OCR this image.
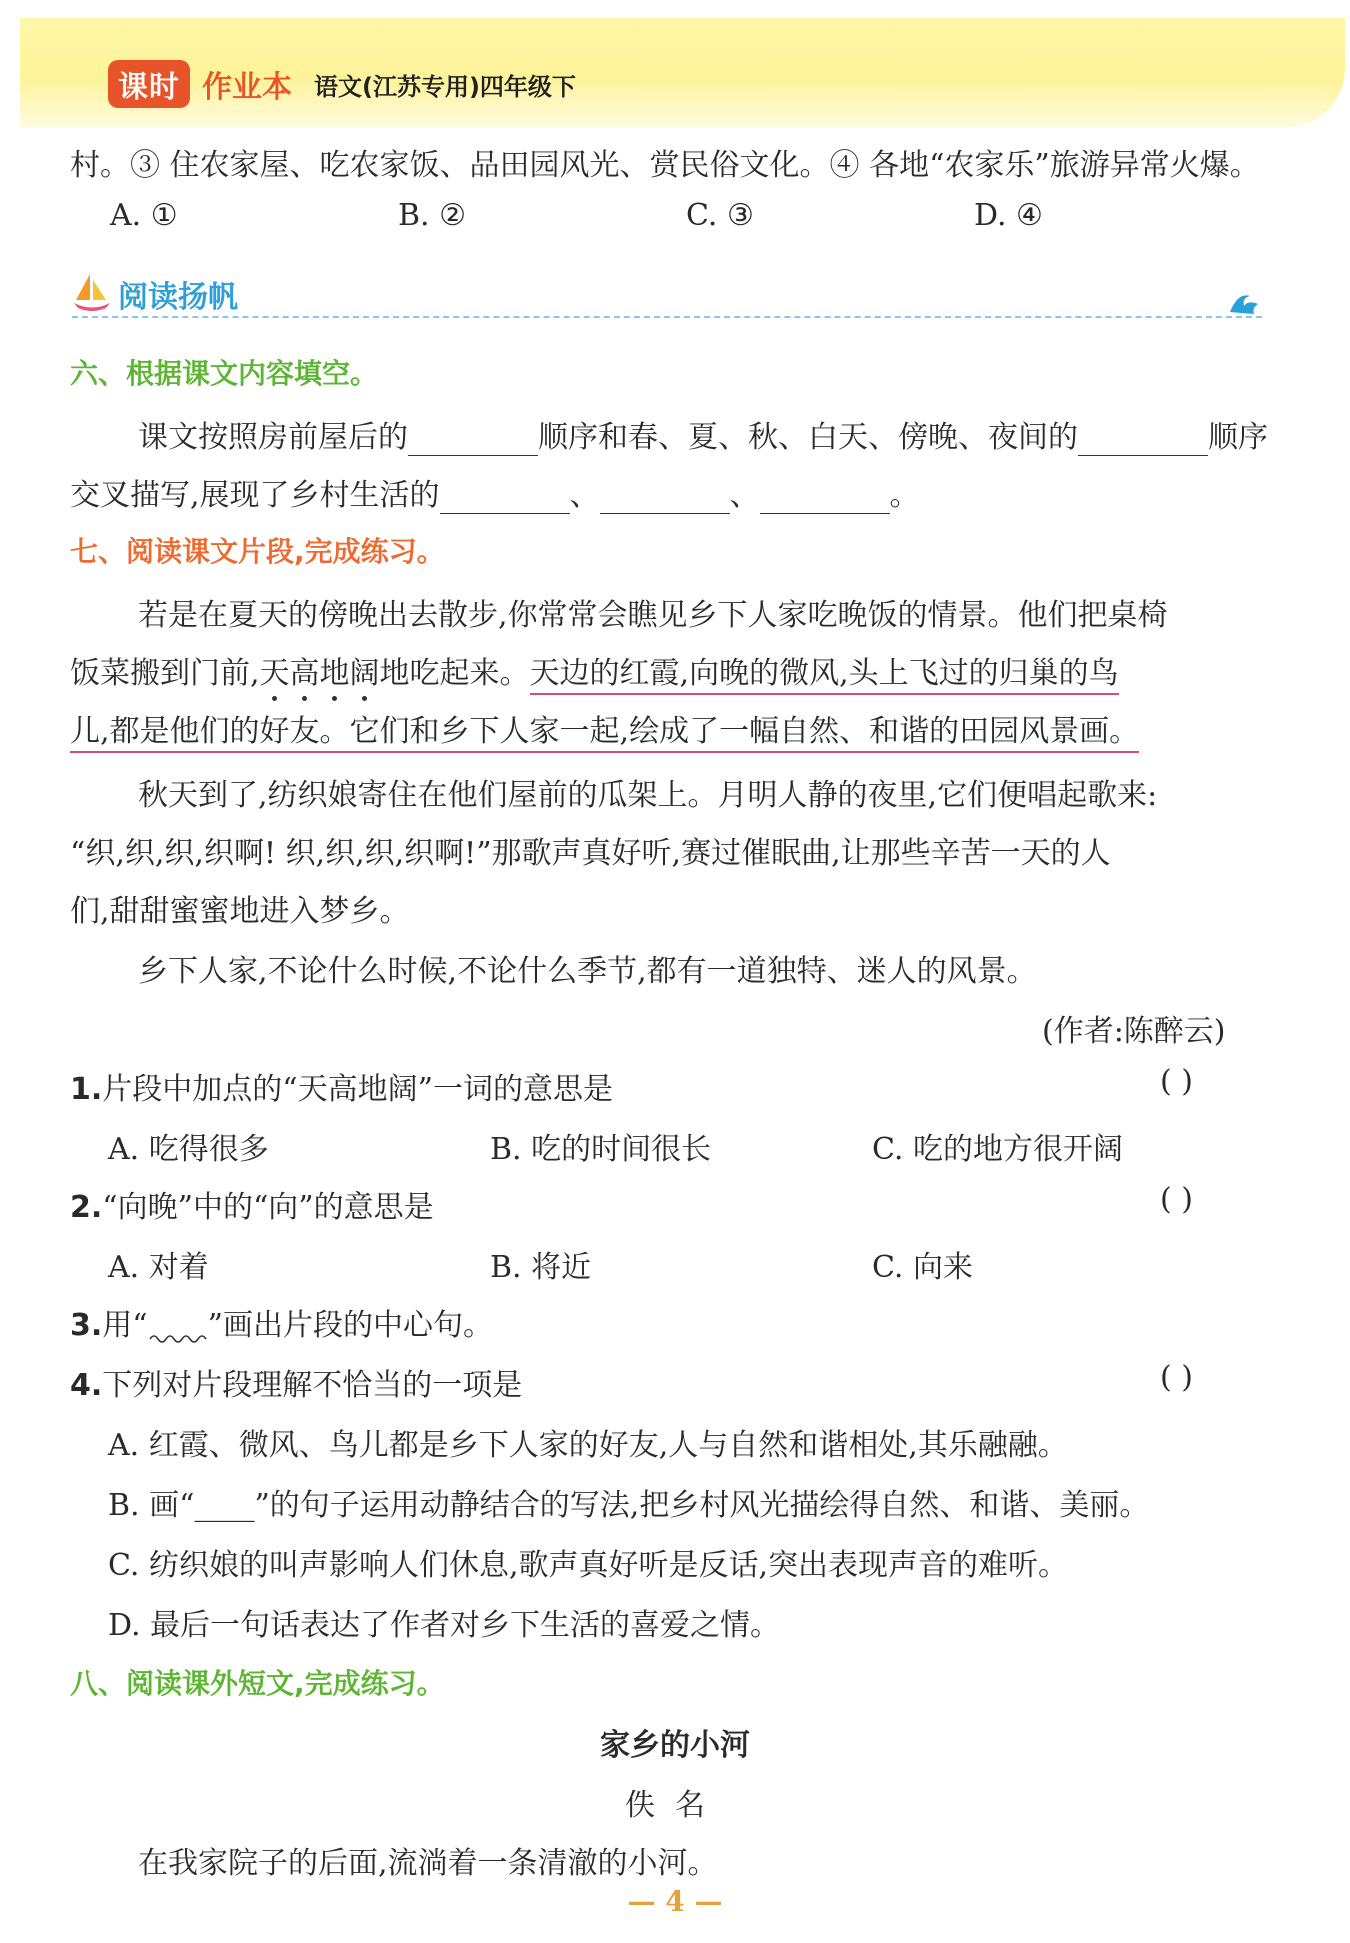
课时 作业本 语文(江苏专用)四年级下
村。③ 住农家屋、吃农家饭、品田园风光、赏民俗文化。④ 各地“农家乐”旅游异常火爆。
A. ①	B. ②	C. ③	D. ④
阅读扬帆
六、根据课文内容填空。
课文按照房前屋后的	顺序和春、夏、秋、白天、傍晚、夜间的	顺序
交叉描写,展现了乡村生活的	、	、	。
七、阅读课文片段,完成练习。
若是在夏天的傍晚出去散步,你常常会瞧见乡下人家吃晚饭的情景。他们把桌椅
饭菜搬到门前,天高地阔地吃起来。天边的红霞,向晚的微风,头上飞过的归巢的鸟
儿,都是他们的好友。它们和乡下人家一起,绘成了一幅自然、和谐的田园风景画。
秋天到了,纺织娘寄住在他们屋前的瓜架上。月明人静的夜里,它们便唱起歌来:
“织,织,织,织啊! 织,织,织,织啊!”那歌声真好听,赛过催眠曲,让那些辛苦一天的人
们,甜甜蜜蜜地进入梦乡。
乡下人家,不论什么时候,不论什么季节,都有一道独特、迷人的风景。
(作者:陈醉云)
1.片段中加点的“天高地阔”一词的意思是	( )
A. 吃得很多	B. 吃的时间很长	C. 吃的地方很开阔
2.“向晚”中的“向”的意思是	( )
A. 对着	B. 将近	C. 向来
3.用“ ”画出片段的中心句。
4.下列对片段理解不恰当的一项是	( )
A. 红霞、微风、鸟儿都是乡下人家的好友,人与自然和谐相处,其乐融融。
B. 画“____”的句子运用动静结合的写法,把乡村风光描绘得自然、和谐、美丽。
C. 纺织娘的叫声影响人们休息,歌声真好听是反话,突出表现声音的难听。
D. 最后一句话表达了作者对乡下生活的喜爱之情。
八、阅读课外短文,完成练习。
家乡的小河
佚名
在我家院子的后面,流淌着一条清澈的小河。
— 4 —
